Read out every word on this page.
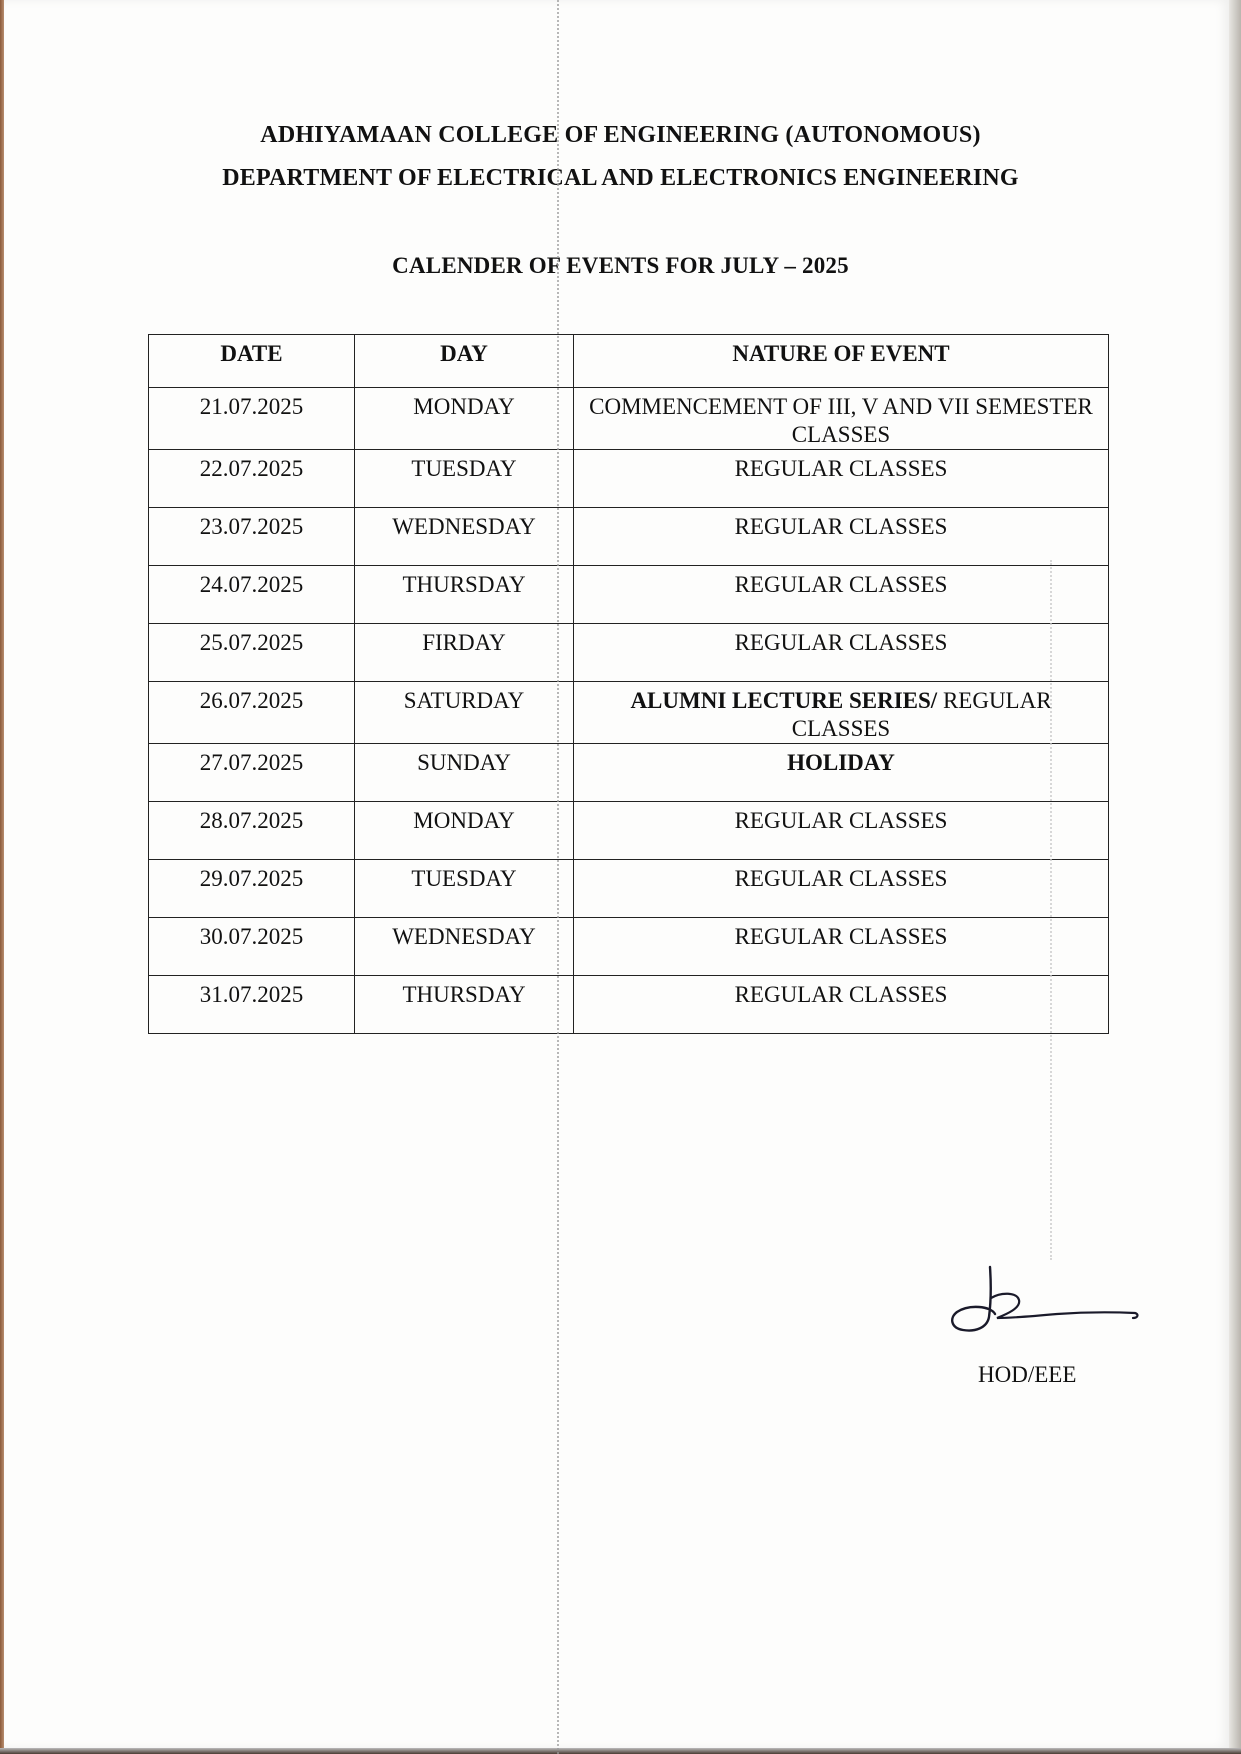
ADHIYAMAAN COLLEGE OF ENGINEERING (AUTONOMOUS)
DEPARTMENT OF ELECTRICAL AND ELECTRONICS ENGINEERING
CALENDER OF EVENTS FOR JULY – 2025
DATE	DAY	NATURE OF EVENT
21.07.2025	MONDAY	COMMENCEMENT OF III, V AND VII SEMESTER CLASSES
22.07.2025	TUESDAY	REGULAR CLASSES
23.07.2025	WEDNESDAY	REGULAR CLASSES
24.07.2025	THURSDAY	REGULAR CLASSES
25.07.2025	FIRDAY	REGULAR CLASSES
26.07.2025	SATURDAY	ALUMNI LECTURE SERIES/ REGULAR CLASSES
27.07.2025	SUNDAY	HOLIDAY
28.07.2025	MONDAY	REGULAR CLASSES
29.07.2025	TUESDAY	REGULAR CLASSES
30.07.2025	WEDNESDAY	REGULAR CLASSES
31.07.2025	THURSDAY	REGULAR CLASSES
HOD/EEE
